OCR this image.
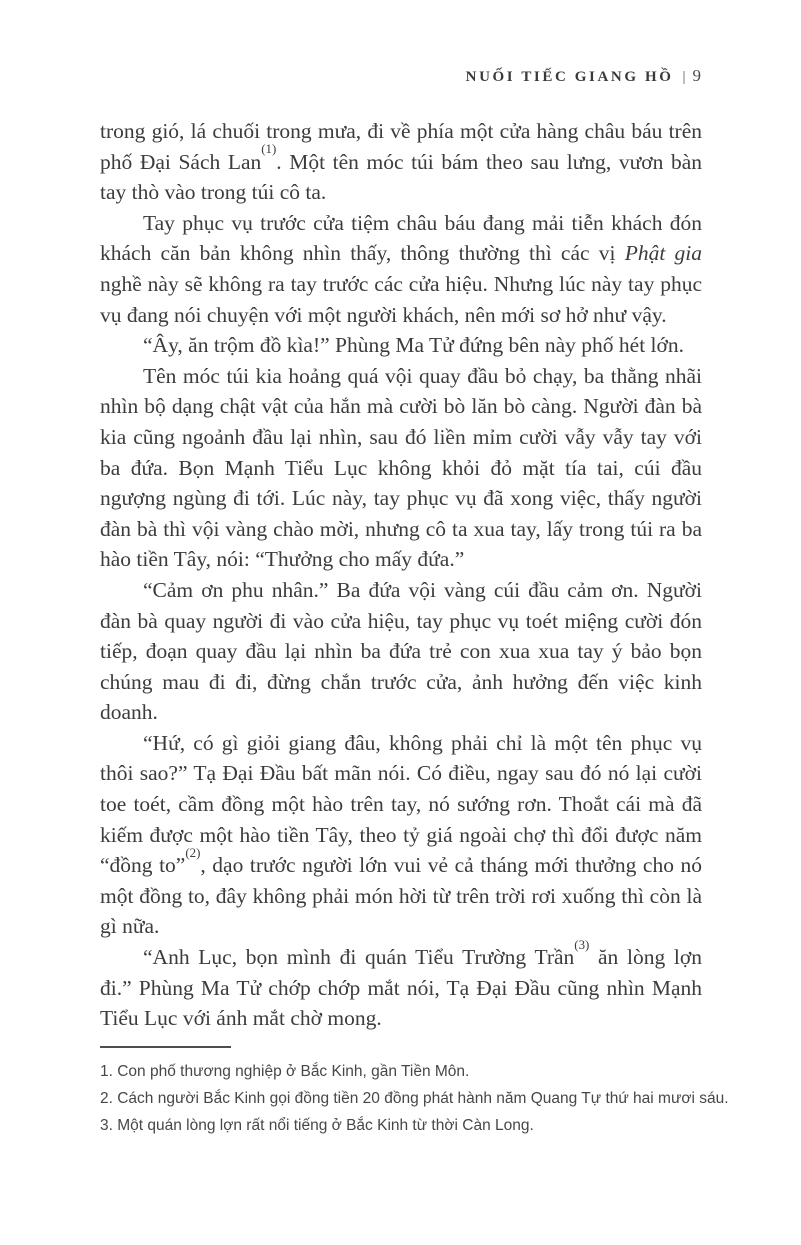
NUỐI TIẾC GIANG HỒ | 9

trong gió, lá chuối trong mưa, đi về phía một cửa hàng châu báu trên phố Đại Sách Lan$^{(1)}$. Một tên móc túi bám theo sau lưng, vươn bàn tay thò vào trong túi cô ta.

Tay phục vụ trước cửa tiệm châu báu đang mải tiễn khách đón khách căn bản không nhìn thấy, thông thường thì các vị Phật gia nghề này sẽ không ra tay trước các cửa hiệu. Nhưng lúc này tay phục vụ đang nói chuyện với một người khách, nên mới sơ hở như vậy.

“Ây, ăn trộm đồ kìa!” Phùng Ma Tử đứng bên này phố hét lớn.

Tên móc túi kia hoảng quá vội quay đầu bỏ chạy, ba thằng nhãi nhìn bộ dạng chật vật của hắn mà cười bò lăn bò càng. Người đàn bà kia cũng ngoảnh đầu lại nhìn, sau đó liền mỉm cười vẫy vẫy tay với ba đứa. Bọn Mạnh Tiểu Lục không khỏi đỏ mặt tía tai, cúi đầu ngượng ngùng đi tới. Lúc này, tay phục vụ đã xong việc, thấy người đàn bà thì vội vàng chào mời, nhưng cô ta xua tay, lấy trong túi ra ba hào tiền Tây, nói: “Thưởng cho mấy đứa.”

“Cảm ơn phu nhân.” Ba đứa vội vàng cúi đầu cảm ơn. Người đàn bà quay người đi vào cửa hiệu, tay phục vụ toét miệng cười đón tiếp, đoạn quay đầu lại nhìn ba đứa trẻ con xua xua tay ý bảo bọn chúng mau đi đi, đừng chắn trước cửa, ảnh hưởng đến việc kinh doanh.

“Hứ, có gì giỏi giang đâu, không phải chỉ là một tên phục vụ thôi sao?” Tạ Đại Đầu bất mãn nói. Có điều, ngay sau đó nó lại cười toe toét, cầm đồng một hào trên tay, nó sướng rơn. Thoắt cái mà đã kiếm được một hào tiền Tây, theo tỷ giá ngoài chợ thì đổi được năm “đồng to”$^{(2)}$, dạo trước người lớn vui vẻ cả tháng mới thưởng cho nó một đồng to, đây không phải món hời từ trên trời rơi xuống thì còn là gì nữa.

“Anh Lục, bọn mình đi quán Tiểu Trường Trần$^{(3)}$ ăn lòng lợn đi.” Phùng Ma Tử chớp chớp mắt nói, Tạ Đại Đầu cũng nhìn Mạnh Tiểu Lục với ánh mắt chờ mong.

1. Con phố thương nghiệp ở Bắc Kinh, gần Tiền Môn.

2. Cách người Bắc Kinh gọi đồng tiền 20 đồng phát hành năm Quang Tự thứ hai mươi sáu.

3. Một quán lòng lợn rất nổi tiếng ở Bắc Kinh từ thời Càn Long.
